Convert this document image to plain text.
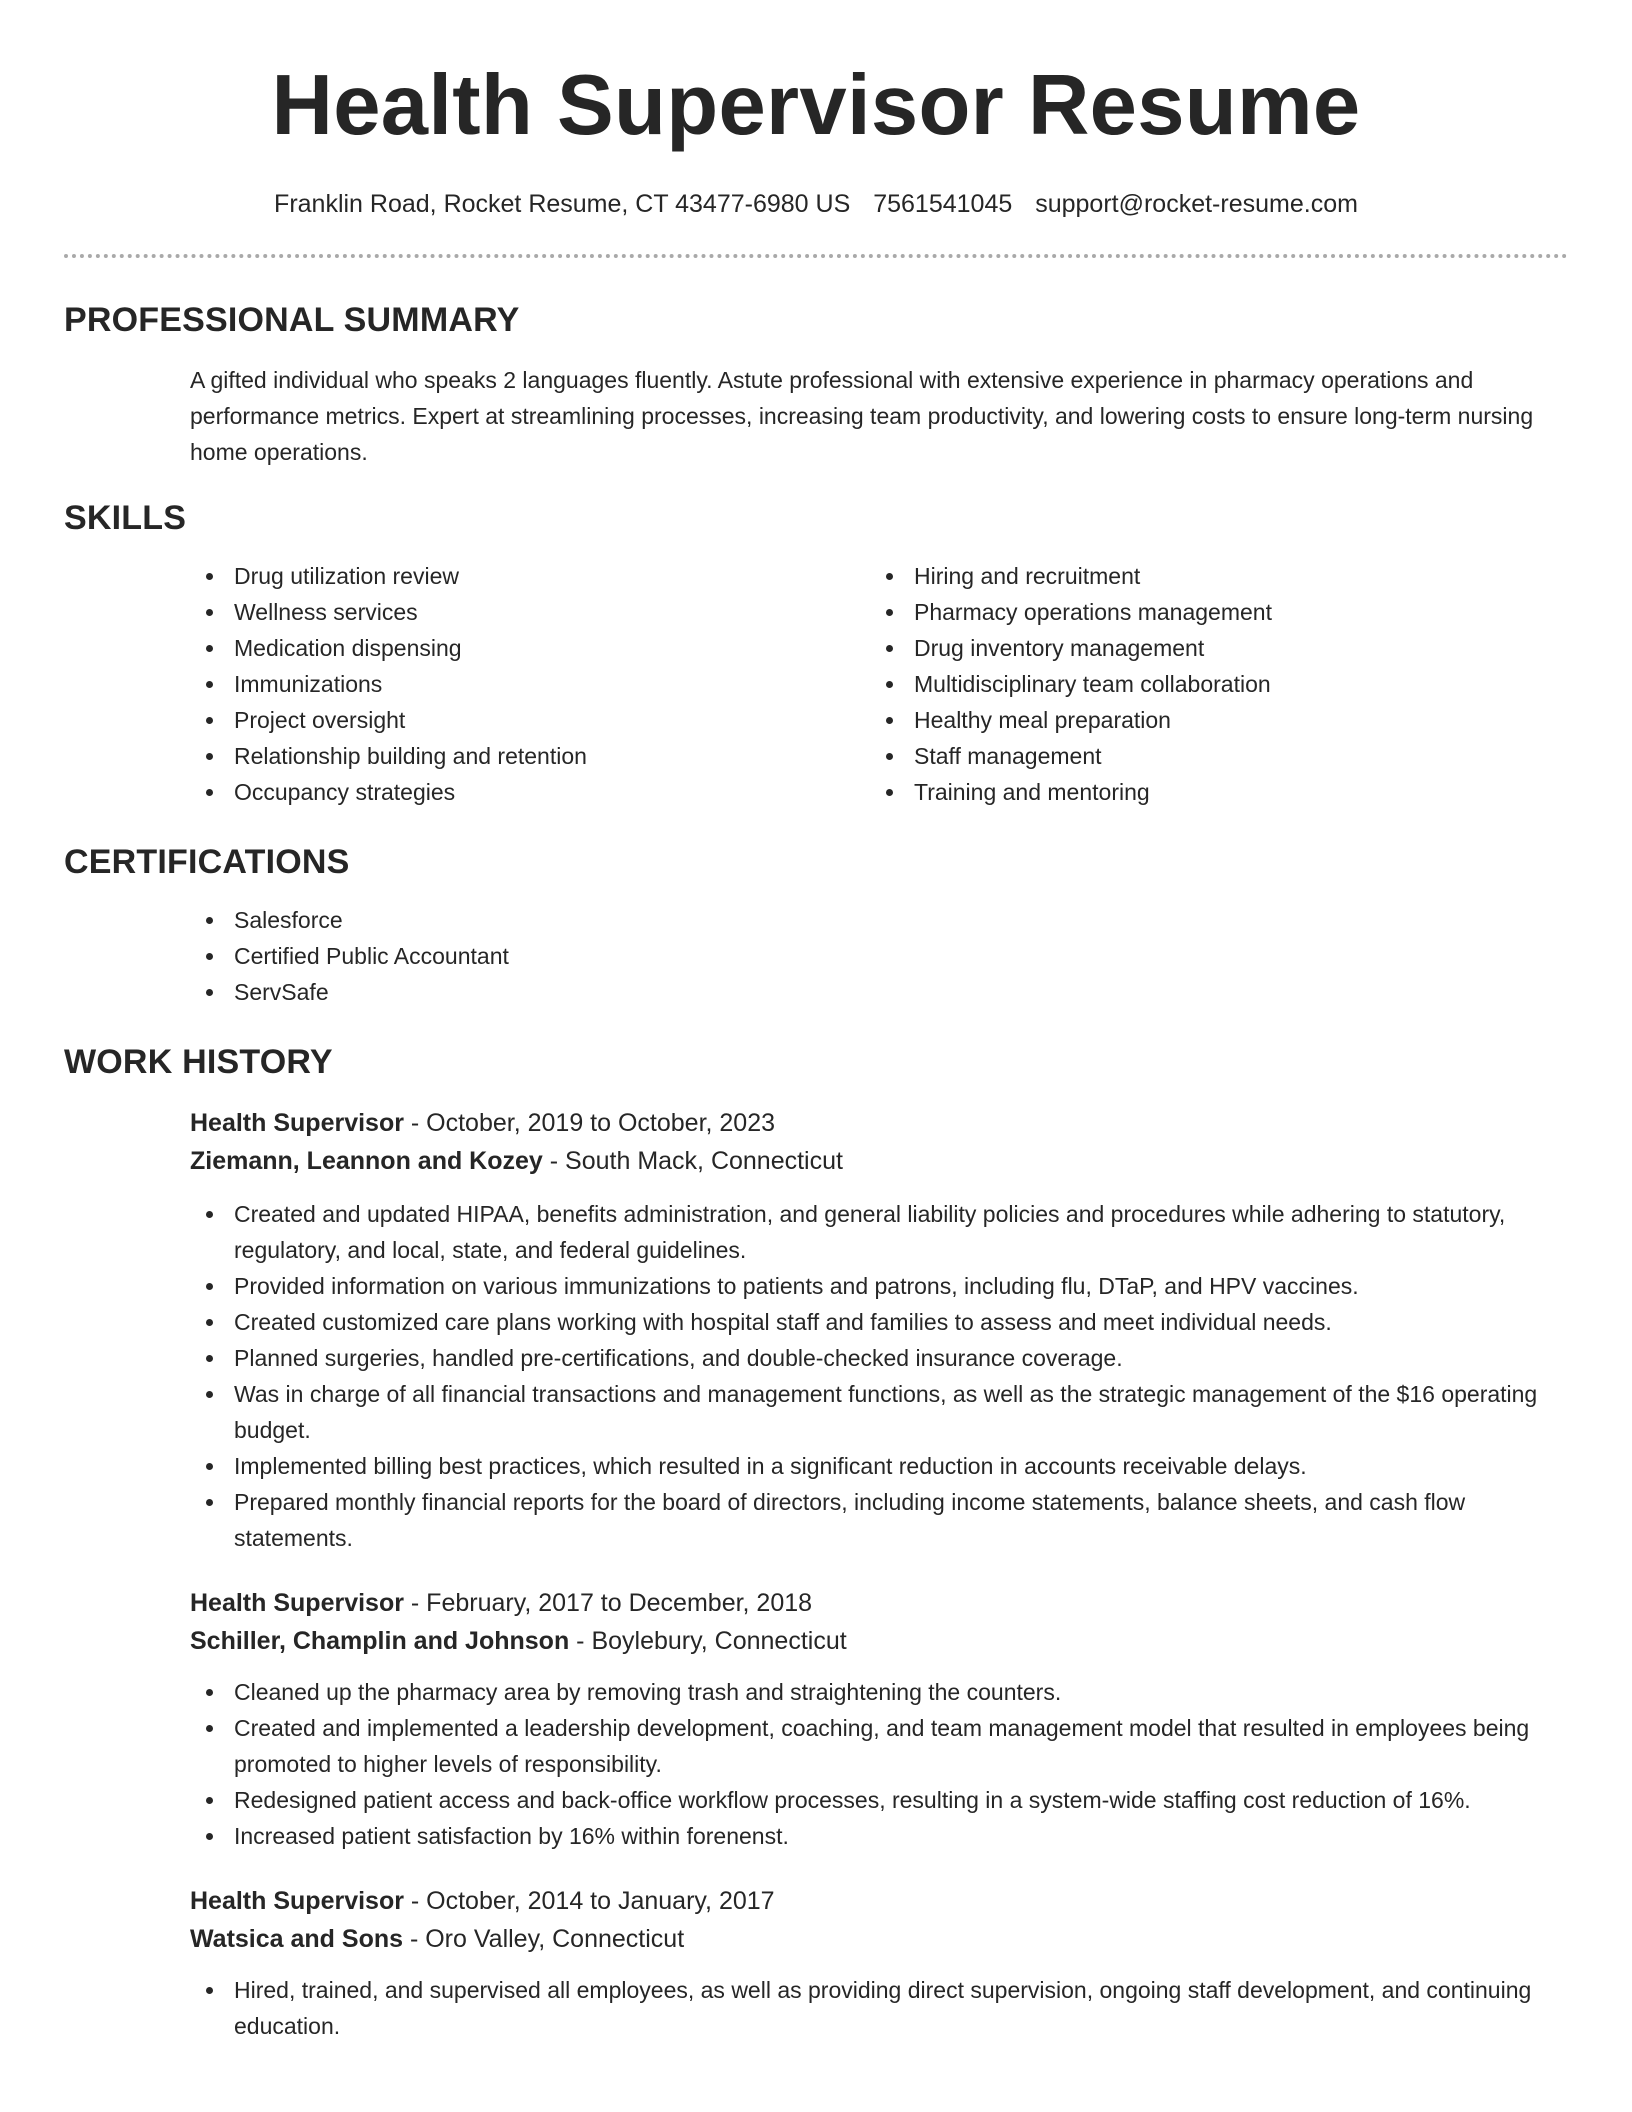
Health Supervisor Resume
Franklin Road, Rocket Resume, CT 43477-6980 US 7561541045 support@rocket-resume.com
PROFESSIONAL SUMMARY

A gifted individual who speaks 2 languages fluently. Astute professional with extensive experience in pharmacy operations and performance metrics. Expert at streamlining processes, increasing team productivity, and lowering costs to ensure long-term nursing home operations.

SKILLS
Drug utilization review
Wellness services
Medication dispensing
Immunizations
Project oversight
Relationship building and retention
Occupancy strategies
Hiring and recruitment
Pharmacy operations management
Drug inventory management
Multidisciplinary team collaboration
Healthy meal preparation
Staff management
Training and mentoring
CERTIFICATIONS
Salesforce
Certified Public Accountant
ServSafe
WORK HISTORY
Health Supervisor - October, 2019 to October, 2023
Ziemann, Leannon and Kozey - South Mack, Connecticut
Created and updated HIPAA, benefits administration, and general liability policies and procedures while adhering to statutory, regulatory, and local, state, and federal guidelines.
Provided information on various immunizations to patients and patrons, including flu, DTaP, and HPV vaccines.
Created customized care plans working with hospital staff and families to assess and meet individual needs.
Planned surgeries, handled pre-certifications, and double-checked insurance coverage.
Was in charge of all financial transactions and management functions, as well as the strategic management of the $16 operating budget.
Implemented billing best practices, which resulted in a significant reduction in accounts receivable delays.
Prepared monthly financial reports for the board of directors, including income statements, balance sheets, and cash flow statements.
Health Supervisor - February, 2017 to December, 2018
Schiller, Champlin and Johnson - Boylebury, Connecticut
Cleaned up the pharmacy area by removing trash and straightening the counters.
Created and implemented a leadership development, coaching, and team management model that resulted in employees being promoted to higher levels of responsibility.
Redesigned patient access and back-office workflow processes, resulting in a system-wide staffing cost reduction of 16%.
Increased patient satisfaction by 16% within forenenst.
Health Supervisor - October, 2014 to January, 2017
Watsica and Sons - Oro Valley, Connecticut
Hired, trained, and supervised all employees, as well as providing direct supervision, ongoing staff development, and continuing education.
